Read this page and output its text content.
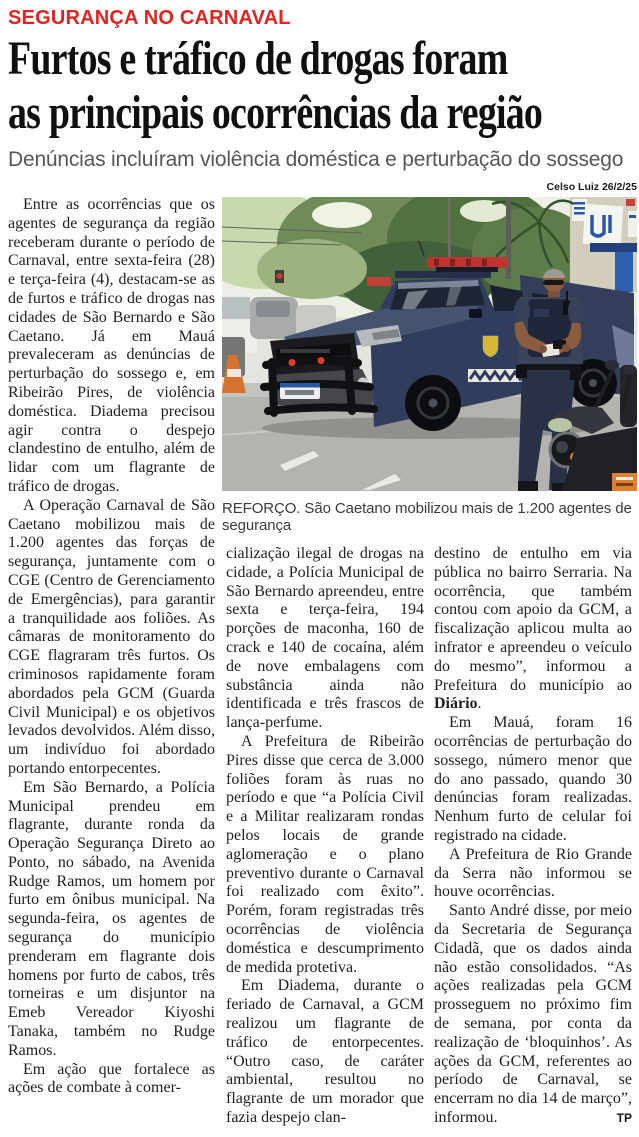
SEGURANÇA NO CARNAVAL
Furtos e tráfico de drogas foram
as principais ocorrências da região
Denúncias incluíram violência doméstica e perturbação do sossego
Celso Luiz 26/2/25
REFORÇO. São Caetano mobilizou mais de 1.200 agentes de segurança

Entre as ocorrências que os agentes de segurança da região receberam durante o período de Carnaval, entre sexta-feira (28) e terça-feira (4), destacam-se as de furtos e tráfico de drogas nas cidades de São Bernardo e São Caetano. Já em Mauá prevaleceram as denúncias de perturbação do sossego e, em Ribeirão Pires, de violência doméstica. Diadema precisou agir contra o despejo clandestino de entulho, além de lidar com um flagrante de tráfico de drogas.

A Operação Carnaval de São Caetano mobilizou mais de 1.200 agentes das forças de segurança, juntamente com o CGE (Centro de Gerenciamento de Emergências), para garantir a tranquilidade aos foliões. As câmaras de monitoramento do CGE flagraram três furtos. Os criminosos rapidamente foram abordados pela GCM (Guarda Civil Municipal) e os objetivos levados devolvidos. Além disso, um indivíduo foi abordado portando entorpecentes.

Em São Bernardo, a Polícia Municipal prendeu em flagrante, durante ronda da Operação Segurança Direto ao Ponto, no sábado, na Avenida Rudge Ramos, um homem por furto em ônibus municipal. Na segunda-feira, os agentes de segurança do município prenderam em flagrante dois homens por furto de cabos, três torneiras e um disjuntor na Emeb Vereador Kiyoshi Tanaka, também no Rudge Ramos.

Em ação que fortalece as ações de combate à comer-

cialização ilegal de drogas na cidade, a Polícia Municipal de São Bernardo apreendeu, entre sexta e terça-feira, 194 porções de maconha, 160 de crack e 140 de cocaína, além de nove embalagens com substância ainda não identificada e três frascos de lança-perfume.

A Prefeitura de Ribeirão Pires disse que cerca de 3.000 foliões foram às ruas no período e que “a Polícia Civil e a Militar realizaram rondas pelos locais de grande aglomeração e o plano preventivo durante o Carnaval foi realizado com êxito”. Porém, foram registradas três ocorrências de violência doméstica e descumprimento de medida protetiva.

Em Diadema, durante o feriado de Carnaval, a GCM realizou um flagrante de tráfico de entorpecentes. “Outro caso, de caráter ambiental, resultou no flagrante de um morador que fazia despejo clan-

destino de entulho em via pública no bairro Serraria. Na ocorrência, que também contou com apoio da GCM, a fiscalização aplicou multa ao infrator e apreendeu o veículo do mesmo”, informou a Prefeitura do município ao Diário.

Em Mauá, foram 16 ocorrências de perturbação do sossego, número menor que do ano passado, quando 30 denúncias foram realizadas. Nenhum furto de celular foi registrado na cidade.

A Prefeitura de Rio Grande da Serra não informou se houve ocorrências.

Santo André disse, por meio da Secretaria de Segurança Cidadã, que os dados ainda não estão consolidados. “As ações realizadas pela GCM prosseguem no próximo fim de semana, por conta da realização de ‘bloquinhos’. As ações da GCM, referentes ao período de Carnaval, se encerram no dia 14 de março”, informou. TP
